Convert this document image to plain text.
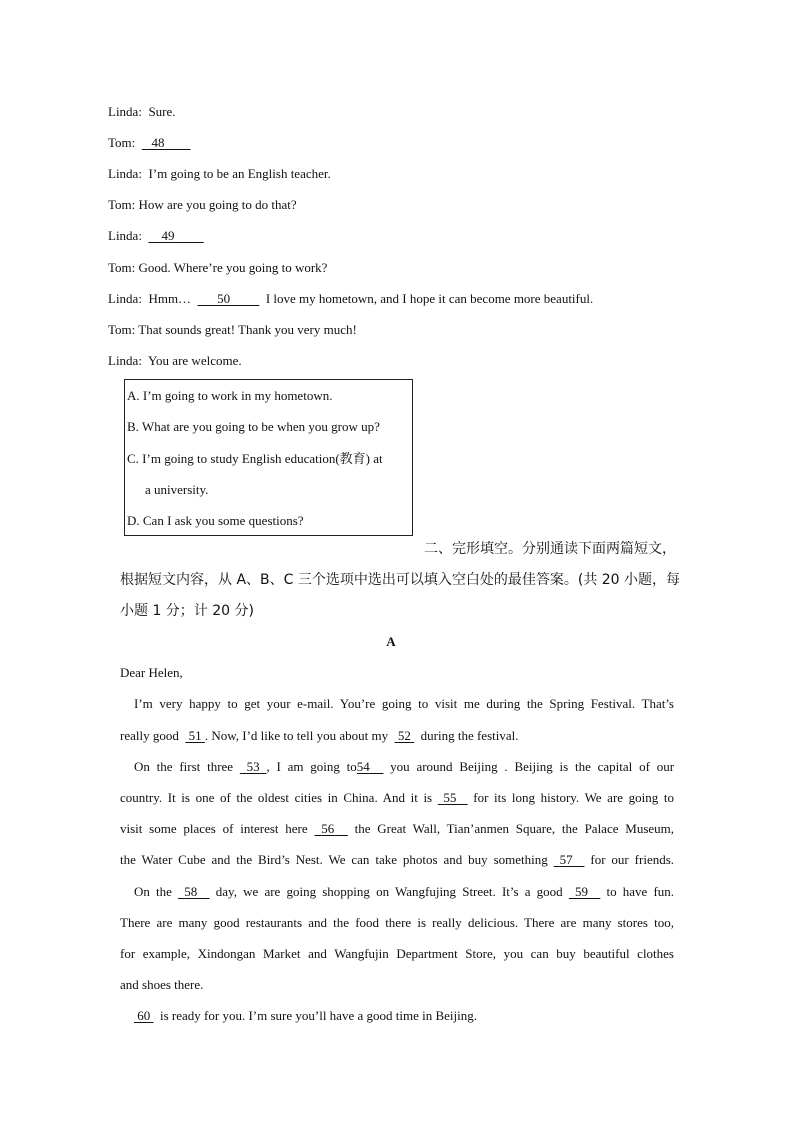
Linda: Sure.
Tom: 48
Linda: I’m going to be an English teacher.
Tom: How are you going to do that?
Linda: 49
Tom: Good. Where’re you going to work?
Linda: Hmm… 50	I love my hometown, and I hope it can become more beautiful.
Tom: That sounds great! Thank you very much!
Linda: You are welcome.
A. I’m going to work in my hometown.
B. What are you going to be when you grow up?
C. I’m going to study English education(教育) at
a university.
D. Can I ask you some questions?
二、完形填空。分别通读下面两篇短文，
根据短文内容，从 A、B、C 三个选项中选出可以填入空白处的最佳答案。(共 20 小题，每
小题 1 分；计 20 分)
A
Dear Helen,
I’m very happy to get your e-mail. You’re going to visit me during the Spring Festival. That’s
really good 51 . Now, I’d like to tell you about my 52 during the festival.
On the first three 53 , I am going to54 you around Beijing . Beijing is the capital of our
country. It is one of the oldest cities in China. And it is 55 for its long history. We are going to
visit some places of interest here 56 the Great Wall, Tian’anmen Square, the Palace Museum,
the Water Cube and the Bird’s Nest. We can take photos and buy something 57 for our friends.
On the 58 day, we are going shopping on Wangfujing Street. It’s a good 59 to have fun.
There are many good restaurants and the food there is really delicious. There are many stores too,
for example, Xindongan Market and Wangfujin Department Store, you can buy beautiful clothes
and shoes there.
60 is ready for you. I’m sure you’ll have a good time in Beijing.
